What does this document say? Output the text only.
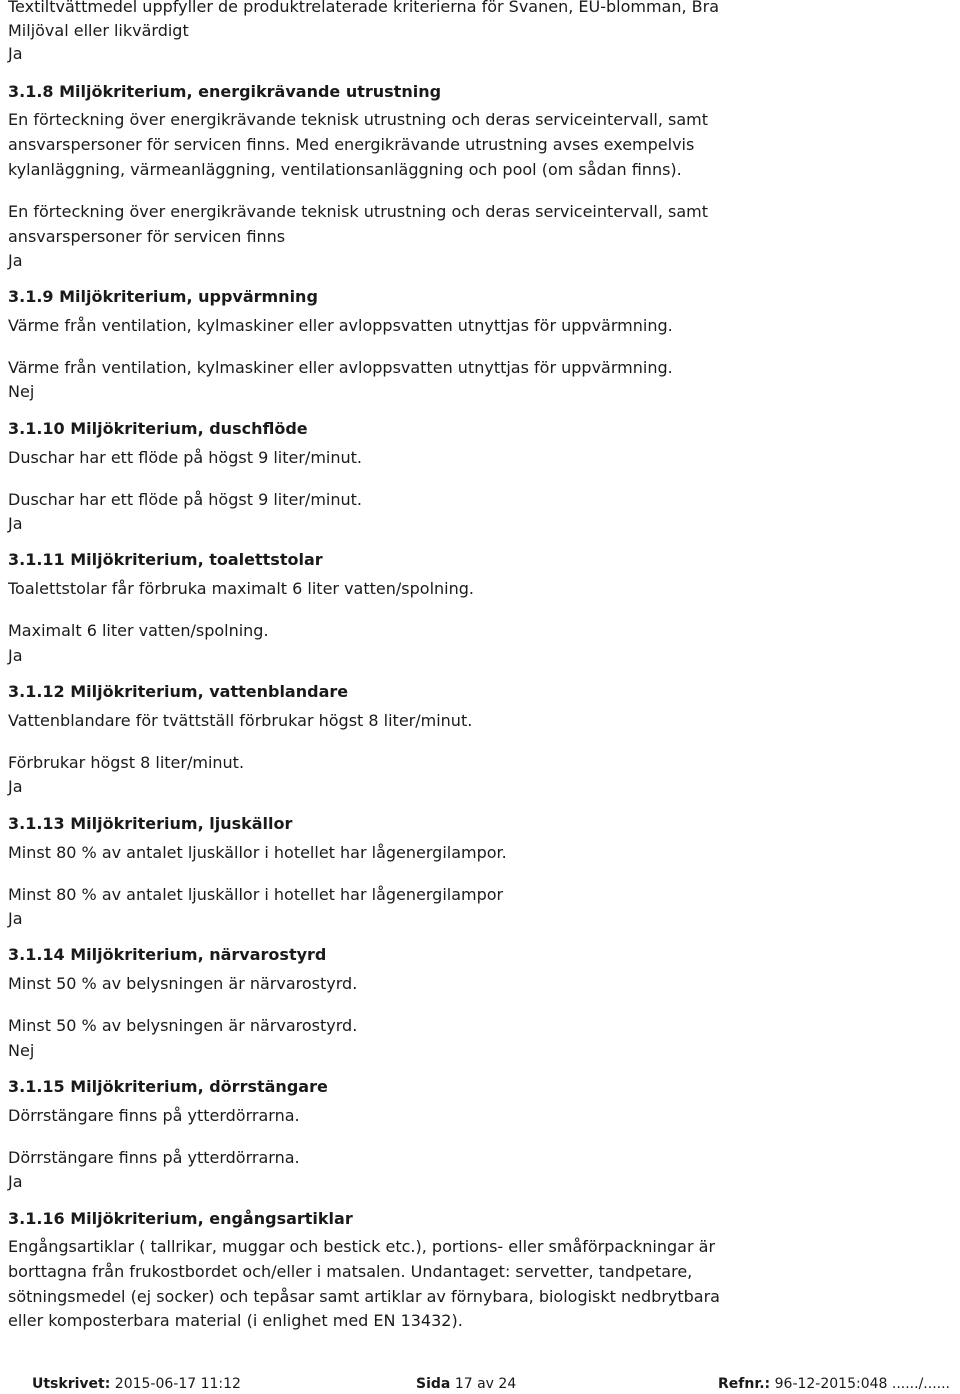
Textiltvättmedel uppfyller de produktrelaterade kriterierna för Svanen, EU-blomman, Bra
Miljöval eller likvärdigt
Ja
3.1.8 Miljökriterium, energikrävande utrustning
En förteckning över energikrävande teknisk utrustning och deras serviceintervall, samt
ansvarspersoner för servicen finns. Med energikrävande utrustning avses exempelvis
kylanläggning, värmeanläggning, ventilationsanläggning och pool (om sådan finns).
En förteckning över energikrävande teknisk utrustning och deras serviceintervall, samt
ansvarspersoner för servicen finns
Ja
3.1.9 Miljökriterium, uppvärmning
Värme från ventilation, kylmaskiner eller avloppsvatten utnyttjas för uppvärmning.
Värme från ventilation, kylmaskiner eller avloppsvatten utnyttjas för uppvärmning.
Nej
3.1.10 Miljökriterium, duschflöde
Duschar har ett flöde på högst 9 liter/minut.
Duschar har ett flöde på högst 9 liter/minut.
Ja
3.1.11 Miljökriterium, toalettstolar
Toalettstolar får förbruka maximalt 6 liter vatten/spolning.
Maximalt 6 liter vatten/spolning.
Ja
3.1.12 Miljökriterium, vattenblandare
Vattenblandare för tvättställ förbrukar högst 8 liter/minut.
Förbrukar högst 8 liter/minut.
Ja
3.1.13 Miljökriterium, ljuskällor
Minst 80 % av antalet ljuskällor i hotellet har lågenergilampor.
Minst 80 % av antalet ljuskällor i hotellet har lågenergilampor
Ja
3.1.14 Miljökriterium, närvarostyrd
Minst 50 % av belysningen är närvarostyrd.
Minst 50 % av belysningen är närvarostyrd.
Nej
3.1.15 Miljökriterium, dörrstängare
Dörrstängare finns på ytterdörrarna.
Dörrstängare finns på ytterdörrarna.
Ja
3.1.16 Miljökriterium, engångsartiklar
Engångsartiklar ( tallrikar, muggar och bestick etc.), portions- eller småförpackningar är
borttagna från frukostbordet och/eller i matsalen. Undantaget: servetter, tandpetare,
sötningsmedel (ej socker) och tepåsar samt artiklar av förnybara, biologiskt nedbrytbara
eller komposterbara material (i enlighet med EN 13432).
Utskrivet: 2015-06-17 11:12	Sida 17 av 24	Refnr.: 96-12-2015:048 ....../......
